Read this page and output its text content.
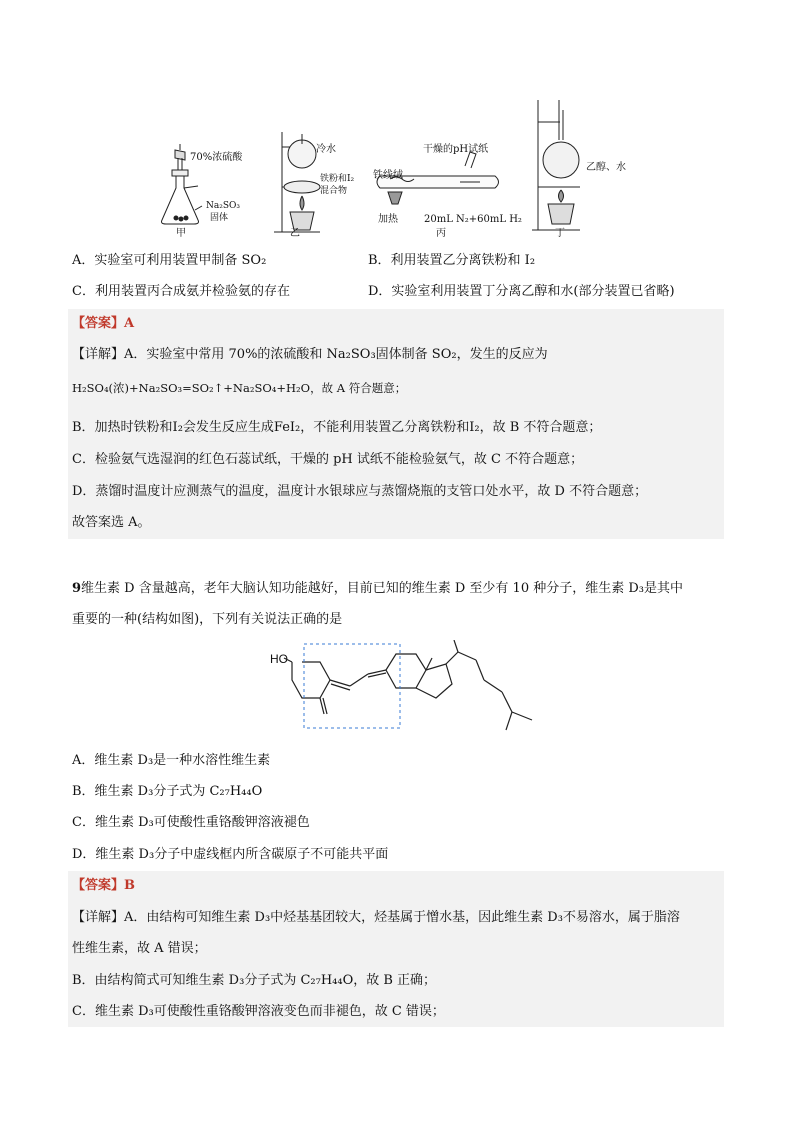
70%浓硫酸
Na₂SO₃
固体
甲
冷水
铁粉和I₂
混合物
乙
干燥的pH试纸
铁线绒
加热	20mL N₂+60mL H₂
丙
乙醇、水
丁
A．实验室可利用装置甲制备 SO₂	B．利用装置乙分离铁粉和 I₂
C．利用装置丙合成氨并检验氨的存在	D．实验室利用装置丁分离乙醇和水(部分装置已省略)
【答案】A
【详解】A．实验室中常用 70%的浓硫酸和 Na₂SO₃固体制备 SO₂，发生的反应为
H₂SO₄(浓)+Na₂SO₃=SO₂↑+Na₂SO₄+H₂O，故 A 符合题意；
B．加热时铁粉和I₂会发生反应生成FeI₂，不能利用装置乙分离铁粉和I₂，故 B 不符合题意；
C．检验氨气选湿润的红色石蕊试纸，干燥的 pH 试纸不能检验氨气，故 C 不符合题意；
D．蒸馏时温度计应测蒸气的温度，温度计水银球应与蒸馏烧瓶的支管口处水平，故 D 不符合题意；
故答案选 A。
9维生素 D 含量越高，老年大脑认知功能越好，目前已知的维生素 D 至少有 10 种分子，维生素 D₃是其中
重要的一种(结构如图)，下列有关说法正确的是
HO
A．维生素 D₃是一种水溶性维生素
B．维生素 D₃分子式为 C₂₇H₄₄O
C．维生素 D₃可使酸性重铬酸钾溶液褪色
D．维生素 D₃分子中虚线框内所含碳原子不可能共平面
【答案】B
【详解】A．由结构可知维生素 D₃中烃基基团较大，烃基属于憎水基，因此维生素 D₃不易溶水，属于脂溶
性维生素，故 A 错误；
B．由结构简式可知维生素 D₃分子式为 C₂₇H₄₄O，故 B 正确；
C．维生素 D₃可使酸性重铬酸钾溶液变色而非褪色，故 C 错误；
